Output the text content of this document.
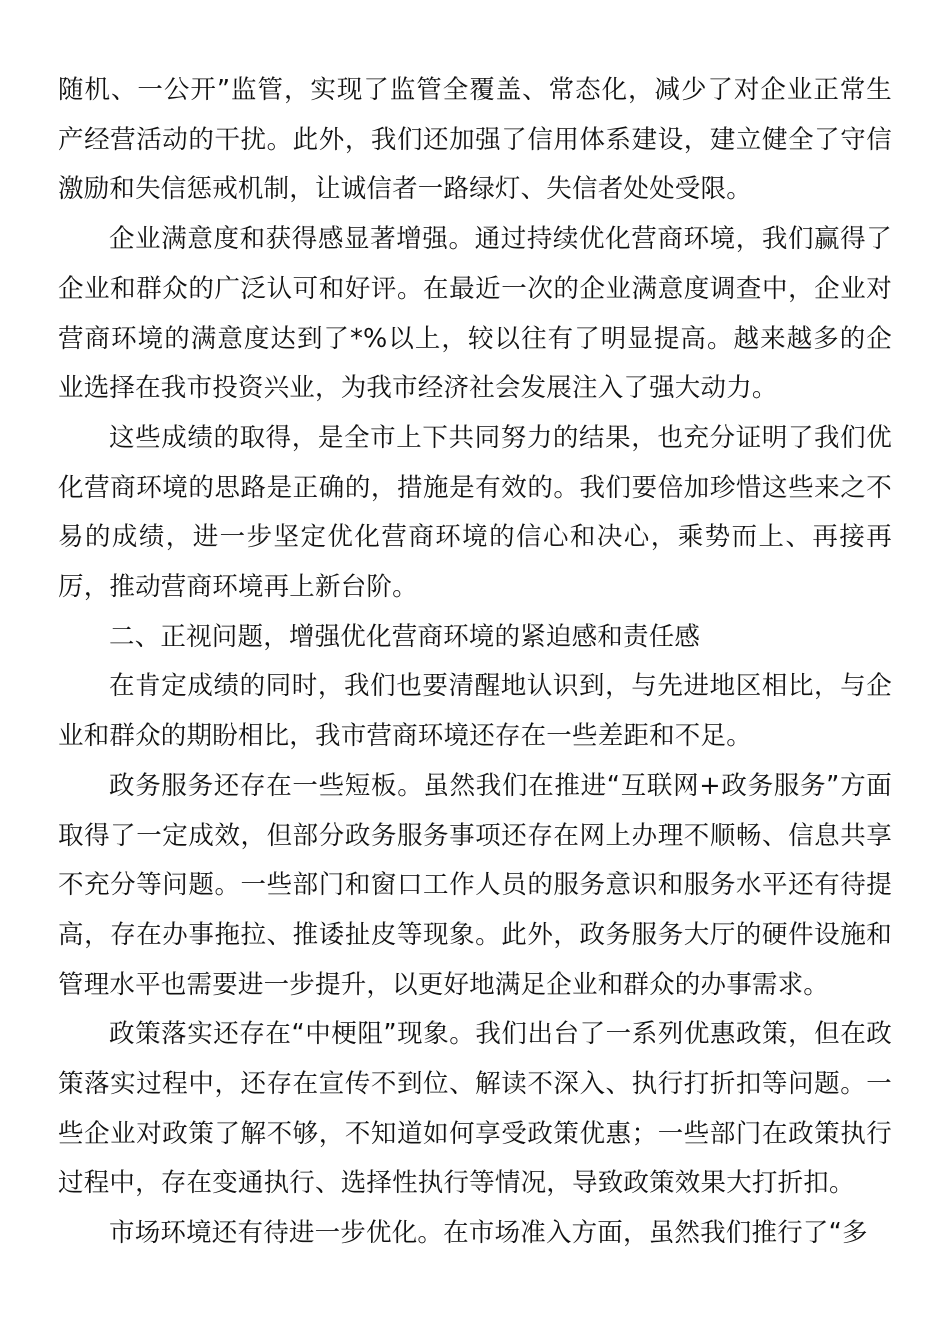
随机、一公开”监管，实现了监管全覆盖、常态化，减少了对企业正常生产经营活动的干扰。此外，我们还加强了信用体系建设，建立健全了守信激励和失信惩戒机制，让诚信者一路绿灯、失信者处处受限。

企业满意度和获得感显著增强。通过持续优化营商环境，我们赢得了企业和群众的广泛认可和好评。在最近一次的企业满意度调查中，企业对营商环境的满意度达到了*%以上，较以往有了明显提高。越来越多的企业选择在我市投资兴业，为我市经济社会发展注入了强大动力。

这些成绩的取得，是全市上下共同努力的结果，也充分证明了我们优化营商环境的思路是正确的，措施是有效的。我们要倍加珍惜这些来之不易的成绩，进一步坚定优化营商环境的信心和决心，乘势而上、再接再厉，推动营商环境再上新台阶。

二、正视问题，增强优化营商环境的紧迫感和责任感

在肯定成绩的同时，我们也要清醒地认识到，与先进地区相比，与企业和群众的期盼相比，我市营商环境还存在一些差距和不足。

政务服务还存在一些短板。虽然我们在推进“互联网+政务服务”方面取得了一定成效，但部分政务服务事项还存在网上办理不顺畅、信息共享不充分等问题。一些部门和窗口工作人员的服务意识和服务水平还有待提高，存在办事拖拉、推诿扯皮等现象。此外，政务服务大厅的硬件设施和管理水平也需要进一步提升，以更好地满足企业和群众的办事需求。

政策落实还存在“中梗阻”现象。我们出台了一系列优惠政策，但在政策落实过程中，还存在宣传不到位、解读不深入、执行打折扣等问题。一些企业对政策了解不够，不知道如何享受政策优惠；一些部门在政策执行过程中，存在变通执行、选择性执行等情况，导致政策效果大打折扣。

市场环境还有待进一步优化。在市场准入方面，虽然我们推行了“多
